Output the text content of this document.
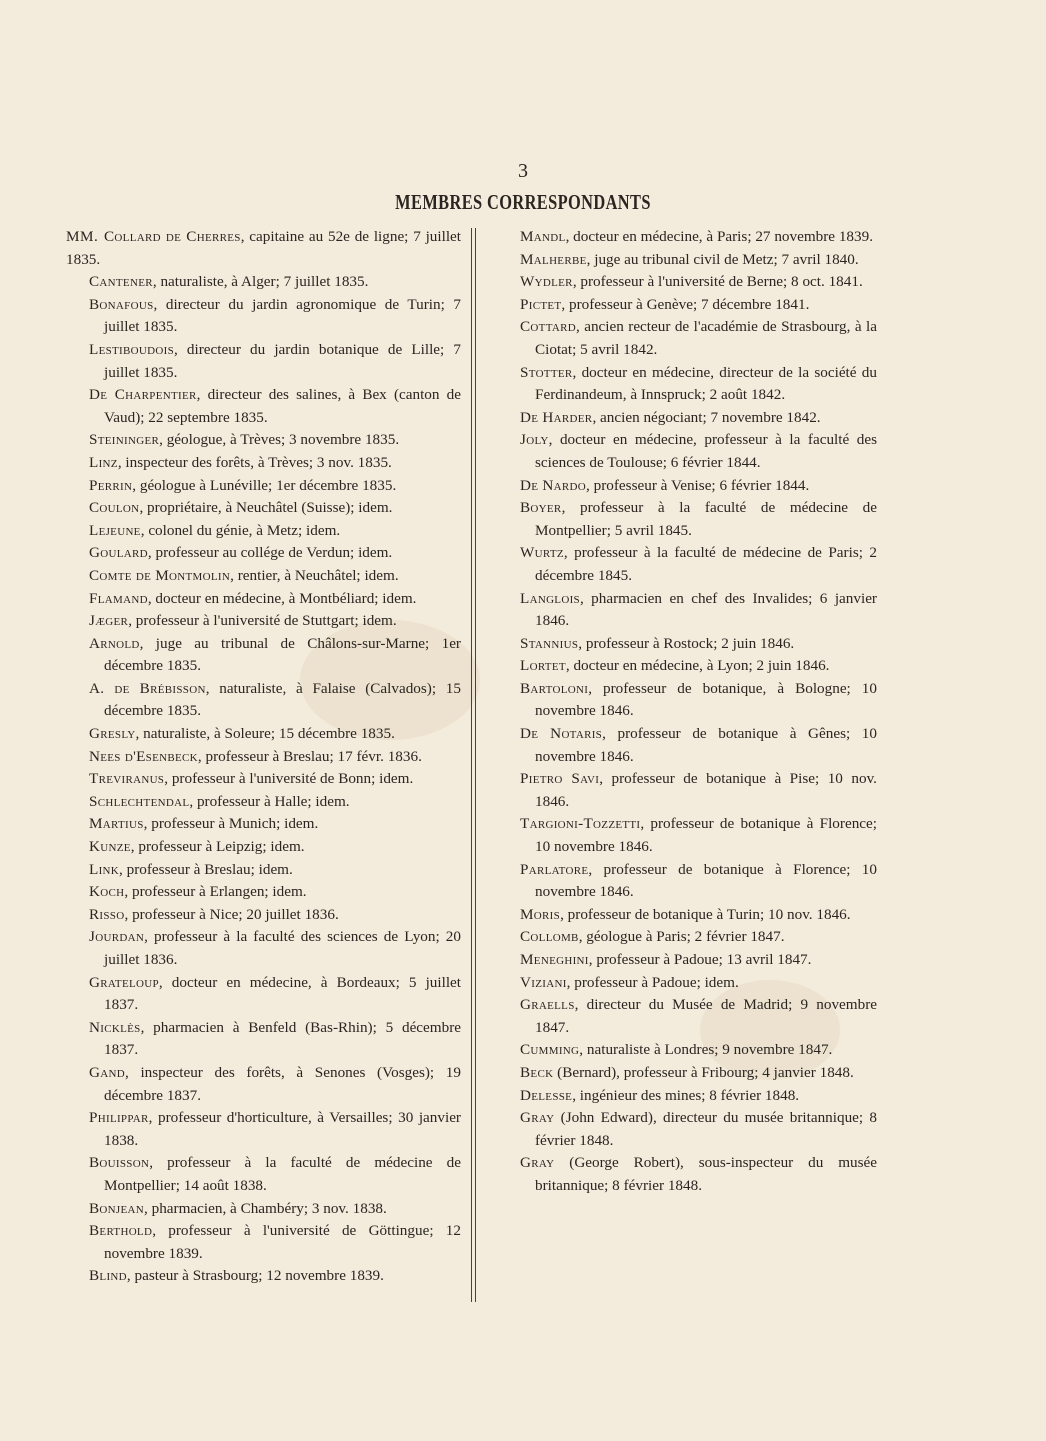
3
MEMBRES CORRESPONDANTS
MM. Collard de Cherres, capitaine au 52e de ligne; 7 juillet 1835.
Cantener, naturaliste, à Alger; 7 juillet 1835.
Bonafous, directeur du jardin agronomique de Turin; 7 juillet 1835.
Lestiboudois, directeur du jardin botanique de Lille; 7 juillet 1835.
De Charpentier, directeur des salines, à Bex (canton de Vaud); 22 septembre 1835.
Steininger, géologue, à Trèves; 3 novembre 1835.
Linz, inspecteur des forêts, à Trèves; 3 nov. 1835.
Perrin, géologue à Lunéville; 1er décembre 1835.
Coulon, propriétaire, à Neuchâtel (Suisse); idem.
Lejeune, colonel du génie, à Metz; idem.
Goulard, professeur au collége de Verdun; idem.
Comte de Montmolin, rentier, à Neuchâtel; idem.
Flamand, docteur en médecine, à Montbéliard; idem.
Jæger, professeur à l'université de Stuttgart; idem.
Arnold, juge au tribunal de Châlons-sur-Marne; 1er décembre 1835.
A. de Brébisson, naturaliste, à Falaise (Calvados); 15 décembre 1835.
Gresly, naturaliste, à Soleure; 15 décembre 1835.
Nees d'Esenbeck, professeur à Breslau; 17 févr. 1836.
Treviranus, professeur à l'université de Bonn; idem.
Schlechtendal, professeur à Halle; idem.
Martius, professeur à Munich; idem.
Kunze, professeur à Leipzig; idem.
Link, professeur à Breslau; idem.
Koch, professeur à Erlangen; idem.
Risso, professeur à Nice; 20 juillet 1836.
Jourdan, professeur à la faculté des sciences de Lyon; 20 juillet 1836.
Grateloup, docteur en médecine, à Bordeaux; 5 juillet 1837.
Nicklès, pharmacien à Benfeld (Bas-Rhin); 5 décembre 1837.
Gand, inspecteur des forêts, à Senones (Vosges); 19 décembre 1837.
Philippar, professeur d'horticulture, à Versailles; 30 janvier 1838.
Bouisson, professeur à la faculté de médecine de Montpellier; 14 août 1838.
Bonjean, pharmacien, à Chambéry; 3 nov. 1838.
Berthold, professeur à l'université de Göttingue; 12 novembre 1839.
Blind, pasteur à Strasbourg; 12 novembre 1839.
Mandl, docteur en médecine, à Paris; 27 novembre 1839.
Malherbe, juge au tribunal civil de Metz; 7 avril 1840.
Wydler, professeur à l'université de Berne; 8 oct. 1841.
Pictet, professeur à Genève; 7 décembre 1841.
Cottard, ancien recteur de l'académie de Strasbourg, à la Ciotat; 5 avril 1842.
Stotter, docteur en médecine, directeur de la société du Ferdinandeum, à Innspruck; 2 août 1842.
De Harder, ancien négociant; 7 novembre 1842.
Joly, docteur en médecine, professeur à la faculté des sciences de Toulouse; 6 février 1844.
De Nardo, professeur à Venise; 6 février 1844.
Boyer, professeur à la faculté de médecine de Montpellier; 5 avril 1845.
Wurtz, professeur à la faculté de médecine de Paris; 2 décembre 1845.
Langlois, pharmacien en chef des Invalides; 6 janvier 1846.
Stannius, professeur à Rostock; 2 juin 1846.
Lortet, docteur en médecine, à Lyon; 2 juin 1846.
Bartoloni, professeur de botanique, à Bologne; 10 novembre 1846.
De Notaris, professeur de botanique à Gênes; 10 novembre 1846.
Pietro Savi, professeur de botanique à Pise; 10 nov. 1846.
Targioni-Tozzetti, professeur de botanique à Florence; 10 novembre 1846.
Parlatore, professeur de botanique à Florence; 10 novembre 1846.
Moris, professeur de botanique à Turin; 10 nov. 1846.
Collomb, géologue à Paris; 2 février 1847.
Meneghini, professeur à Padoue; 13 avril 1847.
Viziani, professeur à Padoue; idem.
Graells, directeur du Musée de Madrid; 9 novembre 1847.
Cumming, naturaliste à Londres; 9 novembre 1847.
Beck (Bernard), professeur à Fribourg; 4 janvier 1848.
Delesse, ingénieur des mines; 8 février 1848.
Gray (John Edward), directeur du musée britannique; 8 février 1848.
Gray (George Robert), sous-inspecteur du musée britannique; 8 février 1848.
